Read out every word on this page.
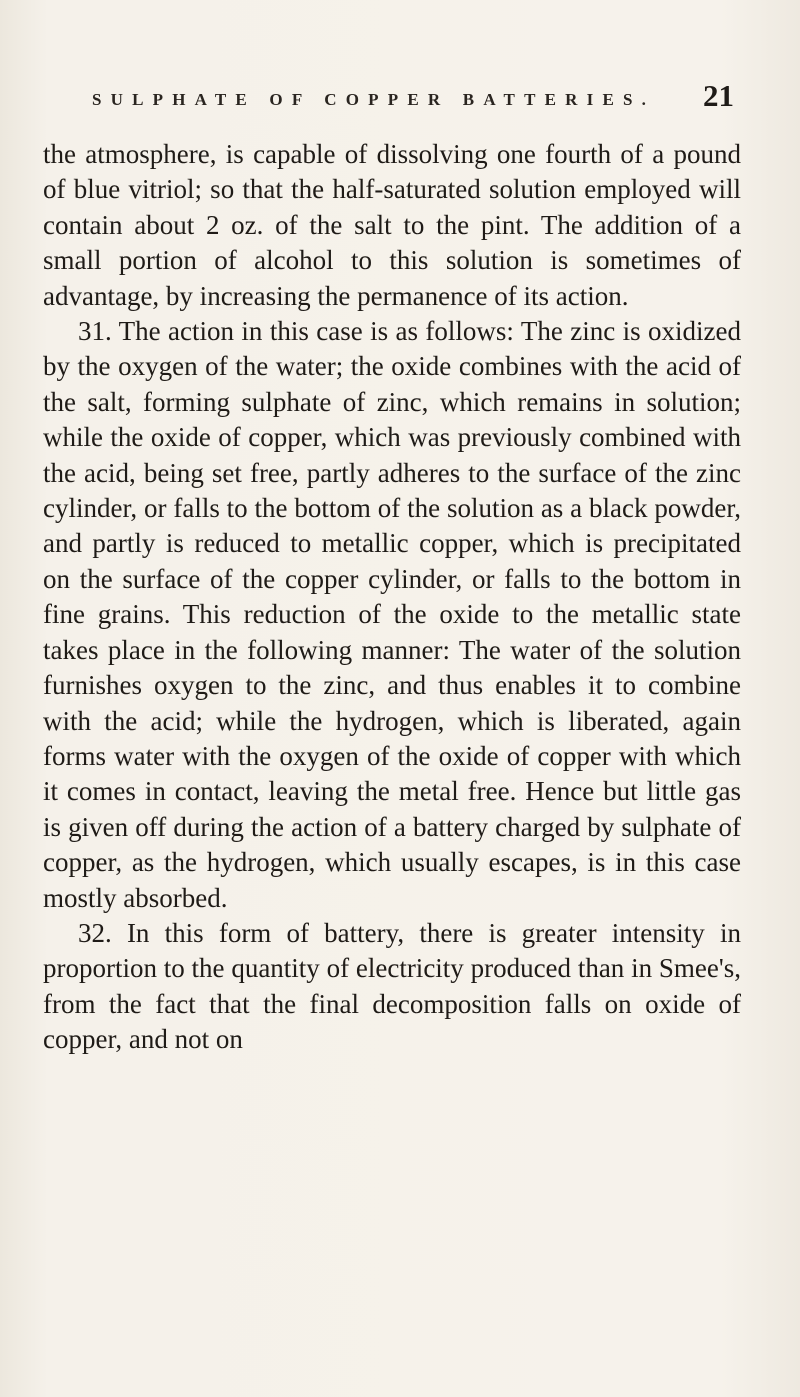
SULPHATE OF COPPER BATTERIES. 21

the atmosphere, is capable of dissolving one fourth of a pound of blue vitriol; so that the half-saturated solution employed will contain about 2 oz. of the salt to the pint. The addition of a small portion of alcohol to this solution is sometimes of advantage, by increasing the permanence of its action.

31. The action in this case is as follows: The zinc is oxidized by the oxygen of the water; the oxide combines with the acid of the salt, forming sulphate of zinc, which remains in solution; while the oxide of copper, which was previously combined with the acid, being set free, partly adheres to the surface of the zinc cylinder, or falls to the bottom of the solution as a black powder, and partly is reduced to metallic copper, which is precipitated on the surface of the copper cylinder, or falls to the bottom in fine grains. This reduction of the oxide to the metallic state takes place in the following manner: The water of the solution furnishes oxygen to the zinc, and thus enables it to combine with the acid; while the hydrogen, which is liberated, again forms water with the oxygen of the oxide of copper with which it comes in contact, leaving the metal free. Hence but little gas is given off during the action of a battery charged by sulphate of copper, as the hydrogen, which usually escapes, is in this case mostly absorbed.

32. In this form of battery, there is greater intensity in proportion to the quantity of electricity produced than in Smee's, from the fact that the final decomposition falls on oxide of copper, and not on
